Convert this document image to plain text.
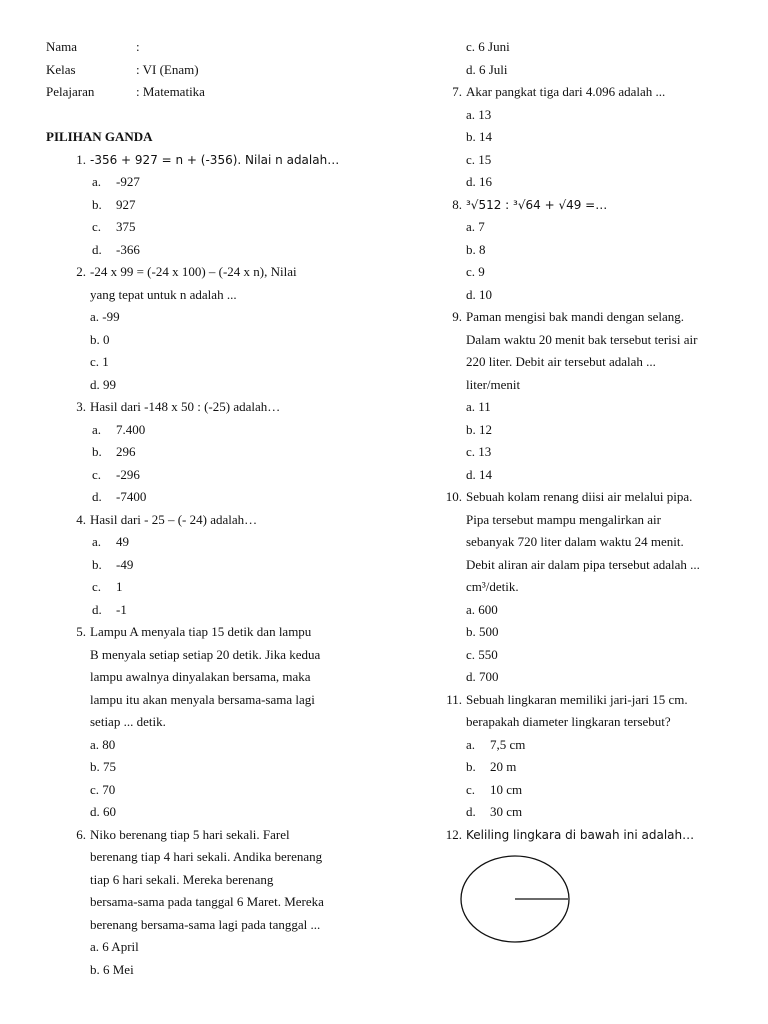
Nama	:
Kelas	: VI (Enam)
Pelajaran	: Matematika
PILIHAN GANDA
1. -356 + 927 = n + (-356). Nilai n adalah…
a. -927
b. 927
c. 375
d. -366
2. -24 x 99 = (-24 x 100) – (-24 x n), Nilai
yang tepat untuk n adalah ...
a. -99
b. 0
c. 1
d. 99
3. Hasil dari -148 x 50 : (-25) adalah…
a. 7.400
b. 296
c. -296
d. -7400
4. Hasil dari - 25 – (- 24) adalah…
a. 49
b. -49
c. 1
d. -1
5. Lampu A menyala tiap 15 detik dan lampu
B menyala setiap setiap 20 detik. Jika kedua
lampu awalnya dinyalakan bersama, maka
lampu itu akan menyala bersama-sama lagi
setiap ... detik.
a. 80
b. 75
c. 70
d. 60
6. Niko berenang tiap 5 hari sekali. Farel
berenang tiap 4 hari sekali. Andika berenang
tiap 6 hari sekali. Mereka berenang
bersama-sama pada tanggal 6 Maret. Mereka
berenang bersama-sama lagi pada tanggal ...
a. 6 April
b. 6 Mei
c. 6 Juni
d. 6 Juli
7. Akar pangkat tiga dari 4.096 adalah ...
a. 13
b. 14
c. 15
d. 16
8. ³√512 : ³√64 + √49 =…
a. 7
b. 8
c. 9
d. 10
9. Paman mengisi bak mandi dengan selang.
Dalam waktu 20 menit bak tersebut terisi air
220 liter. Debit air tersebut adalah ...
liter/menit
a. 11
b. 12
c. 13
d. 14
10. Sebuah kolam renang diisi air melalui pipa.
Pipa tersebut mampu mengalirkan air
sebanyak 720 liter dalam waktu 24 menit.
Debit aliran air dalam pipa tersebut adalah ...
cm³/detik.
a. 600
b. 500
c. 550
d. 700
11. Sebuah lingkaran memiliki jari-jari 15 cm.
berapakah diameter lingkaran tersebut?
a. 7,5 cm
b. 20 m
c. 10 cm
d. 30 cm
12. Keliling lingkara di bawah ini adalah…
